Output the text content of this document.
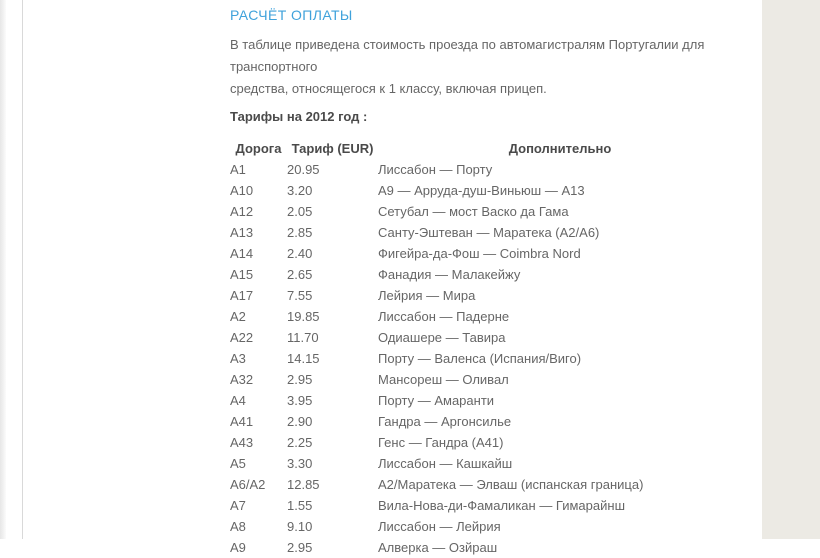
РАСЧЁТ ОПЛАТЫ
В таблице приведена стоимость проезда по автомагистралям Португалии для транспортного
средства, относящегося к 1 классу, включая прицеп.
Тарифы на 2012 год :
Дорога	Тариф (EUR)	Дополнительно
A1	20.95	Лиссабон — Порту
A10	3.20	А9 — Арруда-душ-Виньюш — А13
A12	2.05	Сетубал — мост Васко да Гама
A13	2.85	Санту-Эштеван — Маратека (А2/А6)
A14	2.40	Фигейра-да-Фош — Coimbra Nord
A15	2.65	Фанадия — Малакейжу
A17	7.55	Лейрия — Мира
A2	19.85	Лиссабон — Падерне
A22	11.70	Одиашере — Тавира
A3	14.15	Порту — Валенса (Испания/Виго)
A32	2.95	Мансореш — Оливал
A4	3.95	Порту — Амаранти
A41	2.90	Гандра — Аргонсилье
A43	2.25	Генс — Гандра (А41)
A5	3.30	Лиссабон — Кашкайш
А6/А2	12.85	А2/Маратека — Элваш (испанская граница)
A7	1.55	Вила-Нова-ди-Фамаликан — Гимарайнш
A8	9.10	Лиссабон — Лейрия
A9	2.95	Алверка — Озйраш
